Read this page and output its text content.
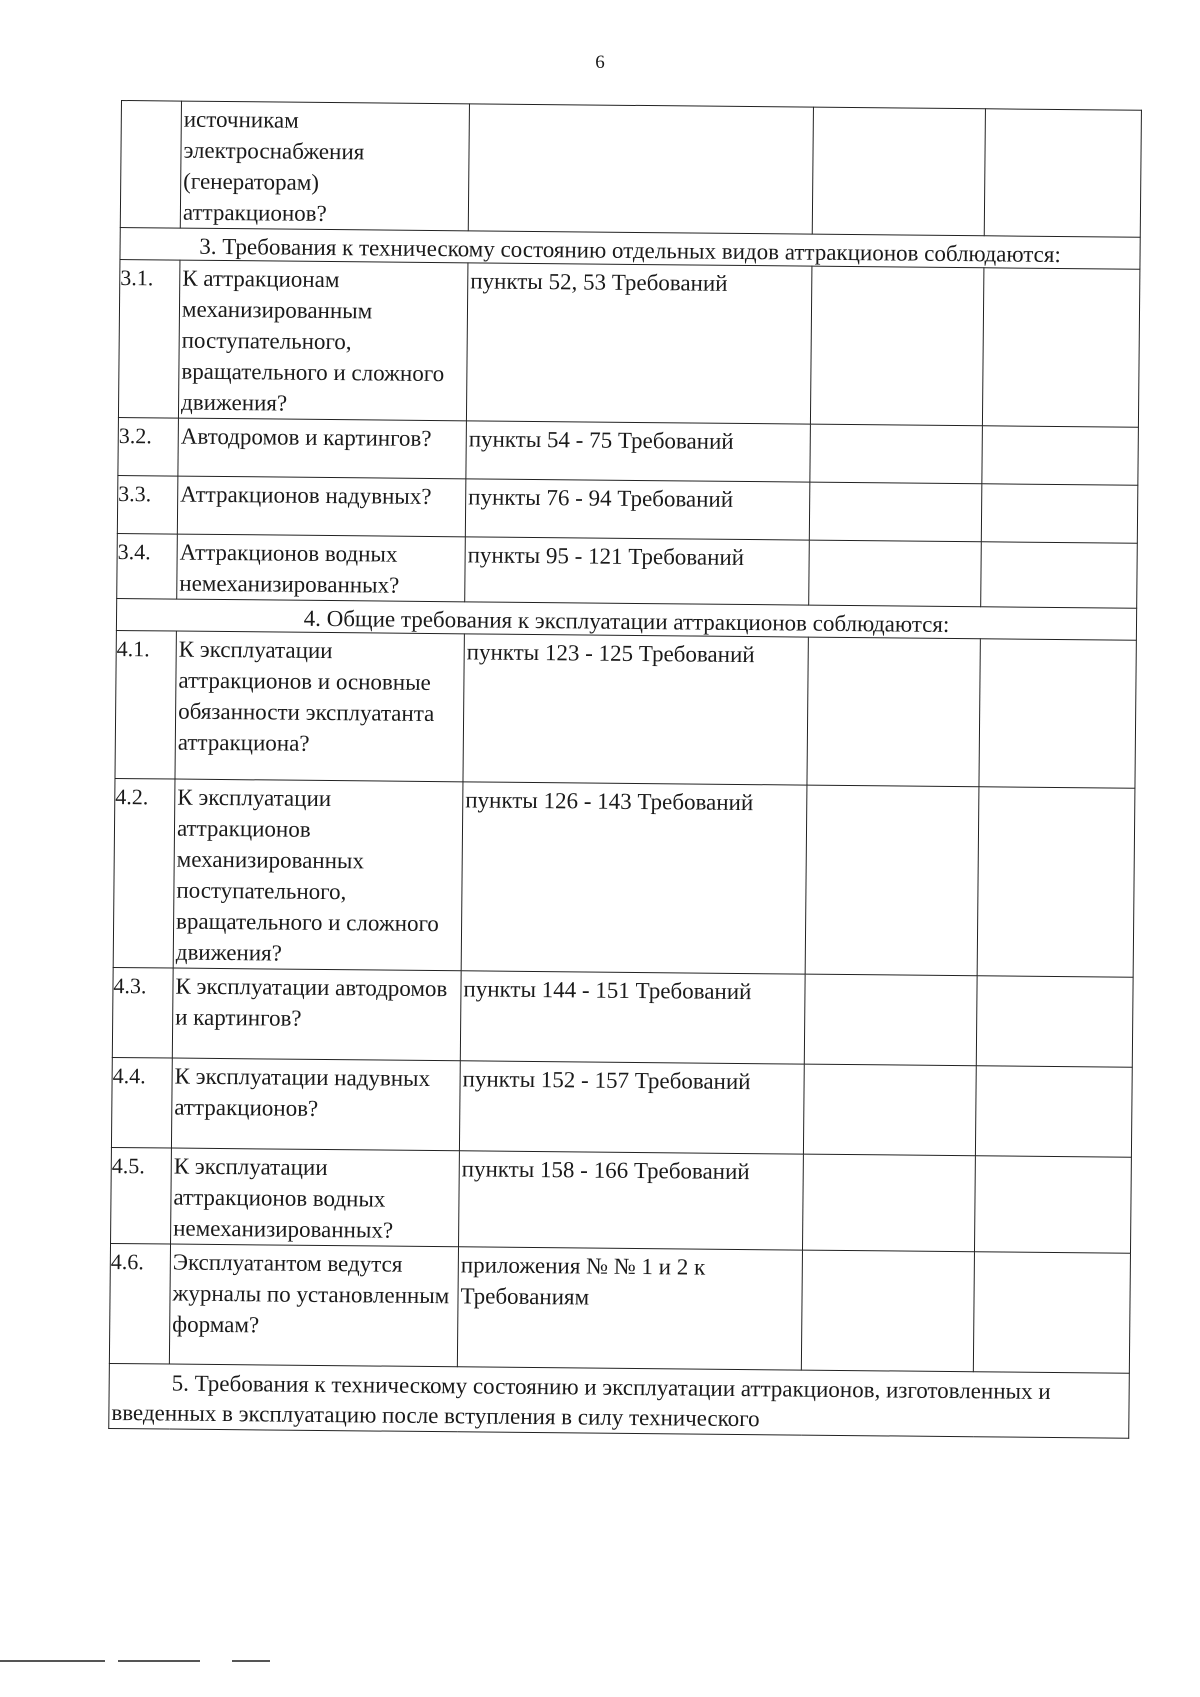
6
	источникам электроснабжения (генераторам) аттракционов?			
3. Требования к техническому состоянию отдельных видов аттракционов соблюдаются:				
3.1.	К аттракционам механизированным поступательного, вращательного и сложного движения?	пункты 52, 53 Требований		
3.2.	Автодромов и картингов?	пункты 54 - 75 Требований		
3.3.	Аттракционов надувных?	пункты 76 - 94 Требований		
3.4.	Аттракционов водных немеханизированных?	пункты 95 - 121 Требований		
4. Общие требования к эксплуатации аттракционов соблюдаются:				
4.1.	К эксплуатации аттракционов и основные обязанности эксплуатанта аттракциона?	пункты 123 - 125 Требований		
4.2.	К эксплуатации аттракционов механизированных поступательного, вращательного и сложного движения?	пункты 126 - 143 Требований		
4.3.	К эксплуатации автодромов и картингов?	пункты 144 - 151 Требований		
4.4.	К эксплуатации надувных аттракционов?	пункты 152 - 157 Требований		
4.5.	К эксплуатации аттракционов водных немеханизированных?	пункты 158 - 166 Требований		
4.6.	Эксплуатантом ведутся журналы по установленным формам?	приложения № № 1 и 2 к Требованиям		
5. Требования к техническому состоянию и эксплуатации аттракционов, изготовленных и введенных в эксплуатацию после вступления в силу технического				
